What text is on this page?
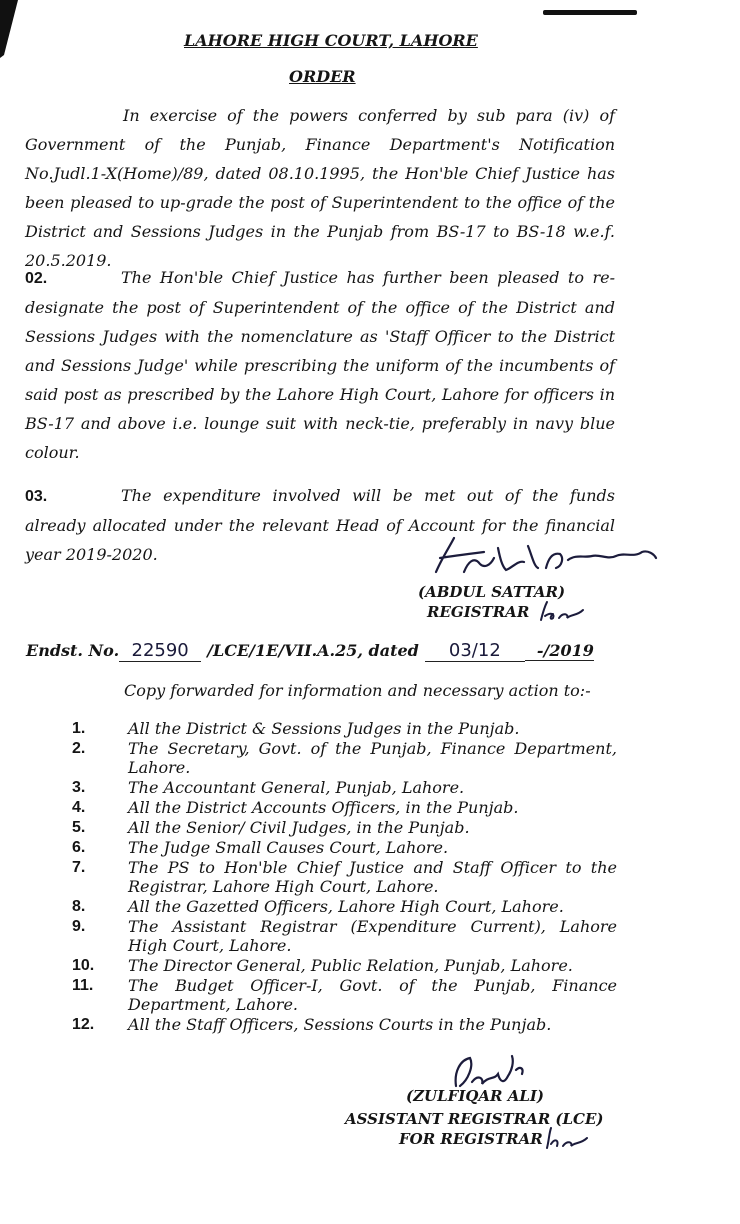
LAHORE HIGH COURT, LAHORE
ORDER
In exercise of the powers conferred by sub para (iv) of Government of the Punjab, Finance Department's Notification No.Judl.1-X(Home)/89, dated 08.10.1995, the Hon'ble Chief Justice has been pleased to up-grade the post of Superintendent to the office of the District and Sessions Judges in the Punjab from BS-17 to BS-18 w.e.f. 20.5.2019.
02.	The Hon'ble Chief Justice has further been pleased to re-designate the post of Superintendent of the office of the District and Sessions Judges with the nomenclature as 'Staff Officer to the District and Sessions Judge' while prescribing the uniform of the incumbents of said post as prescribed by the Lahore High Court, Lahore for officers in BS-17 and above i.e. lounge suit with neck-tie, preferably in navy blue colour.
03.	The expenditure involved will be met out of the funds already allocated under the relevant Head of Account for the financial year 2019-2020.
(ABDUL SATTAR)
REGISTRAR
Endst. No. 22590 /LCE/1E/VII.A.25, dated 03/12 -/2019
Copy forwarded for information and necessary action to:-
1.	All the District & Sessions Judges in the Punjab.
2.	The Secretary, Govt. of the Punjab, Finance Department, Lahore.
3.	The Accountant General, Punjab, Lahore.
4.	All the District Accounts Officers, in the Punjab.
5.	All the Senior/ Civil Judges, in the Punjab.
6.	The Judge Small Causes Court, Lahore.
7.	The PS to Hon'ble Chief Justice and Staff Officer to the Registrar, Lahore High Court, Lahore.
8.	All the Gazetted Officers, Lahore High Court, Lahore.
9.	The Assistant Registrar (Expenditure Current), Lahore High Court, Lahore.
10.	The Director General, Public Relation, Punjab, Lahore.
11.	The Budget Officer-I, Govt. of the Punjab, Finance Department, Lahore.
12.	All the Staff Officers, Sessions Courts in the Punjab.
(ZULFIQAR ALI)
ASSISTANT REGISTRAR (LCE)
FOR REGISTRAR
